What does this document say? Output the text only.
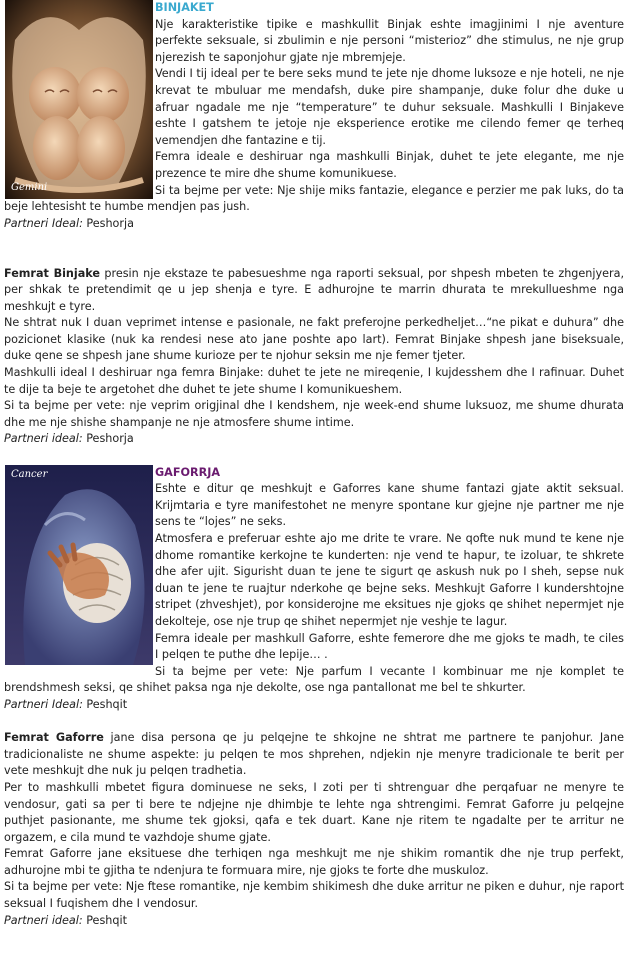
Gemini

BINJAKET

Nje karakteristike tipike e mashkullit Binjak eshte imagjinimi I nje aventure perfekte seksuale, si zbulimin e nje personi “misterioz” dhe stimulus, ne nje grup njerezish te saponjohur gjate nje mbremjeje.

Vendi I tij ideal per te bere seks mund te jete nje dhome luksoze e nje hoteli, ne nje krevat te mbuluar me mendafsh, duke pire shampanje, duke folur dhe duke u afruar ngadale me nje “temperature” te duhur seksuale. Mashkulli I Binjakeve eshte I gatshem te jetoje nje eksperience erotike me cilendo femer qe terheq vemendjen dhe fantazine e tij.

Femra ideale e deshiruar nga mashkulli Binjak, duhet te jete elegante, me nje prezence te mire dhe shume komunikuese.

Si ta bejme per vete: Nje shije miks fantazie, elegance e perzier me pak luks, do ta beje lehtesisht te humbe mendjen pas jush.

Partneri Ideal: Peshorja

Femrat Binjake presin nje ekstaze te pabesueshme nga raporti seksual, por shpesh mbeten te zhgenjyera, per shkak te pretendimit qe u jep shenja e tyre. E adhurojne te marrin dhurata te mrekullueshme nga meshkujt e tyre.

Ne shtrat nuk I duan veprimet intense e pasionale, ne fakt preferojne perkedheljet…“ne pikat e duhura” dhe pozicionet klasike (nuk ka rendesi nese ato jane poshte apo lart). Femrat Binjake shpesh jane biseksuale, duke qene se shpesh jane shume kurioze per te njohur seksin me nje femer tjeter.

Mashkulli ideal I deshiruar nga femra Binjake: duhet te jete ne mireqenie, I kujdesshem dhe I rafinuar. Duhet te dije ta beje te argetohet dhe duhet te jete shume I komunikueshem.

Si ta bejme per vete: nje veprim origjinal dhe I kendshem, nje week-end shume luksuoz, me shume dhurata dhe me nje shishe shampanje ne nje atmosfere shume intime.

Partneri ideal: Peshorja

Cancer	GAFORRJA

Eshte e ditur qe meshkujt e Gaforres kane shume fantazi gjate aktit seksual. Krijmtaria e tyre manifestohet ne menyre spontane kur gjejne nje partner me nje sens te “lojes” ne seks.

Atmosfera e preferuar eshte ajo me drite te vrare. Ne qofte nuk mund te kene nje dhome romantike kerkojne te kunderten: nje vend te hapur, te izoluar, te shkrete dhe afer ujit. Sigurisht duan te jene te sigurt qe askush nuk po I sheh, sepse nuk duan te jene te ruajtur nderkohe qe bejne seks. Meshkujt Gaforre I kundershtojne stripet (zhveshjet), por konsiderojne me eksitues nje gjoks qe shihet nepermjet nje dekolteje, ose nje trup qe shihet nepermjet nje veshje te lagur.

Femra ideale per mashkull Gaforre, eshte femerore dhe me gjoks te madh, te ciles I pelqen te puthe dhe lepije… .

Si ta bejme per vete: Nje parfum I vecante I kombinuar me nje komplet te brendshmesh seksi, qe shihet paksa nga nje dekolte, ose nga pantallonat me bel te shkurter.

Partneri Ideal: Peshqit

Femrat Gaforre jane disa persona qe ju pelqejne te shkojne ne shtrat me partnere te panjohur. Jane tradicionaliste ne shume aspekte: ju pelqen te mos shprehen, ndjekin nje menyre tradicionale te berit per vete meshkujt dhe nuk ju pelqen tradhetia.

Per to mashkulli mbetet figura dominuese ne seks, I zoti per ti shtrenguar dhe perqafuar ne menyre te vendosur, gati sa per ti bere te ndjejne nje dhimbje te lehte nga shtrengimi. Femrat Gaforre ju pelqejne puthjet pasionante, me shume tek gjoksi, qafa e tek duart. Kane nje ritem te ngadalte per te arritur ne orgazem, e cila mund te vazhdoje shume gjate.

Femrat Gaforre jane eksituese dhe terhiqen nga meshkujt me nje shikim romantik dhe nje trup perfekt, adhurojne mbi te gjitha te ndenjura te formuara mire, nje gjoks te forte dhe muskuloz.

Si ta bejme per vete: Nje ftese romantike, nje kembim shikimesh dhe duke arritur ne piken e duhur, nje raport seksual I fuqishem dhe I vendosur.

Partneri ideal: Peshqit
